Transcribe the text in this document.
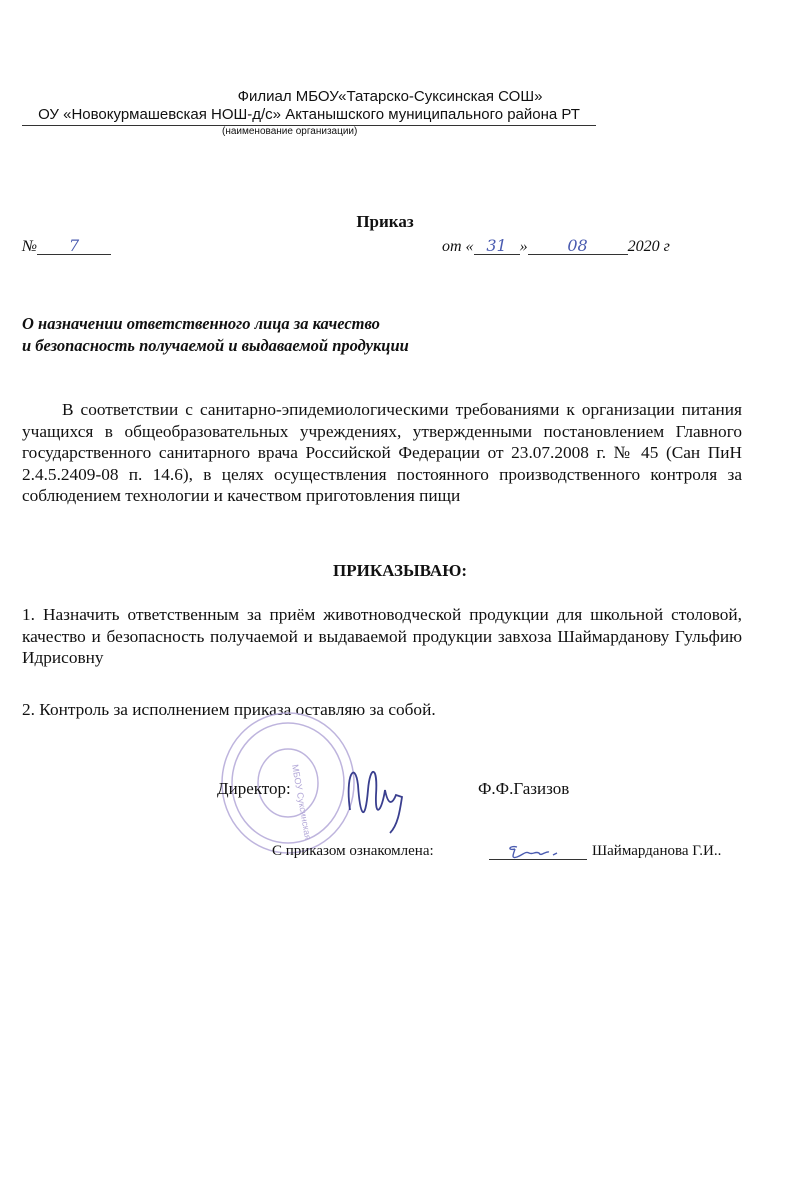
Филиал МБОУ«Татарско-Суксинская СОШ»
ОУ «Новокурмашевская НОШ-д/с» Актанышского муниципального района РТ
(наименование организации)
Приказ
№ 7	от « 31 » 08 2020 г
О назначении ответственного лица за качество
и безопасность получаемой и выдаваемой продукции
В соответствии с санитарно-эпидемиологическими требованиями к организации питания учащихся в общеобразовательных учреждениях, утвержденными постановлением Главного государственного санитарного врача Российской Федерации от 23.07.2008 г. № 45 (Сан ПиН 2.4.5.2409-08 п. 14.6), в целях осуществления постоянного производственного контроля за соблюдением технологии и качеством приготовления пищи
ПРИКАЗЫВАЮ:
1. Назначить ответственным за приём животноводческой продукции для школьной столовой, качество и безопасность получаемой и выдаваемой продукции завхоза Шаймарданову Гульфию Идрисовну
2. Контроль за исполнением приказа оставляю за собой.
МБОУ Суксинская
Директор:	Ф.Ф.Газизов
С приказом ознакомлена:	Шаймарданова Г.И..
